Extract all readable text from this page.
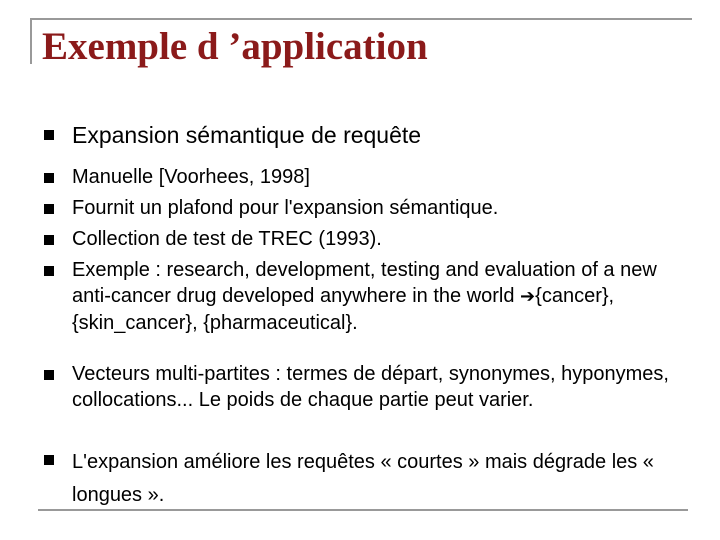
Exemple d ’application
Expansion sémantique de requête
Manuelle [Voorhees, 1998]
Fournit un plafond pour l'expansion sémantique.
Collection de test de TREC (1993).
Exemple : research, development, testing and evaluation of a new anti-cancer drug developed anywhere in the world ➔{cancer}, {skin_cancer}, {pharmaceutical}.
Vecteurs multi-partites : termes de départ, synonymes, hyponymes, collocations... Le poids de chaque partie peut varier.
L'expansion améliore les requêtes « courtes » mais dégrade les « longues ».
